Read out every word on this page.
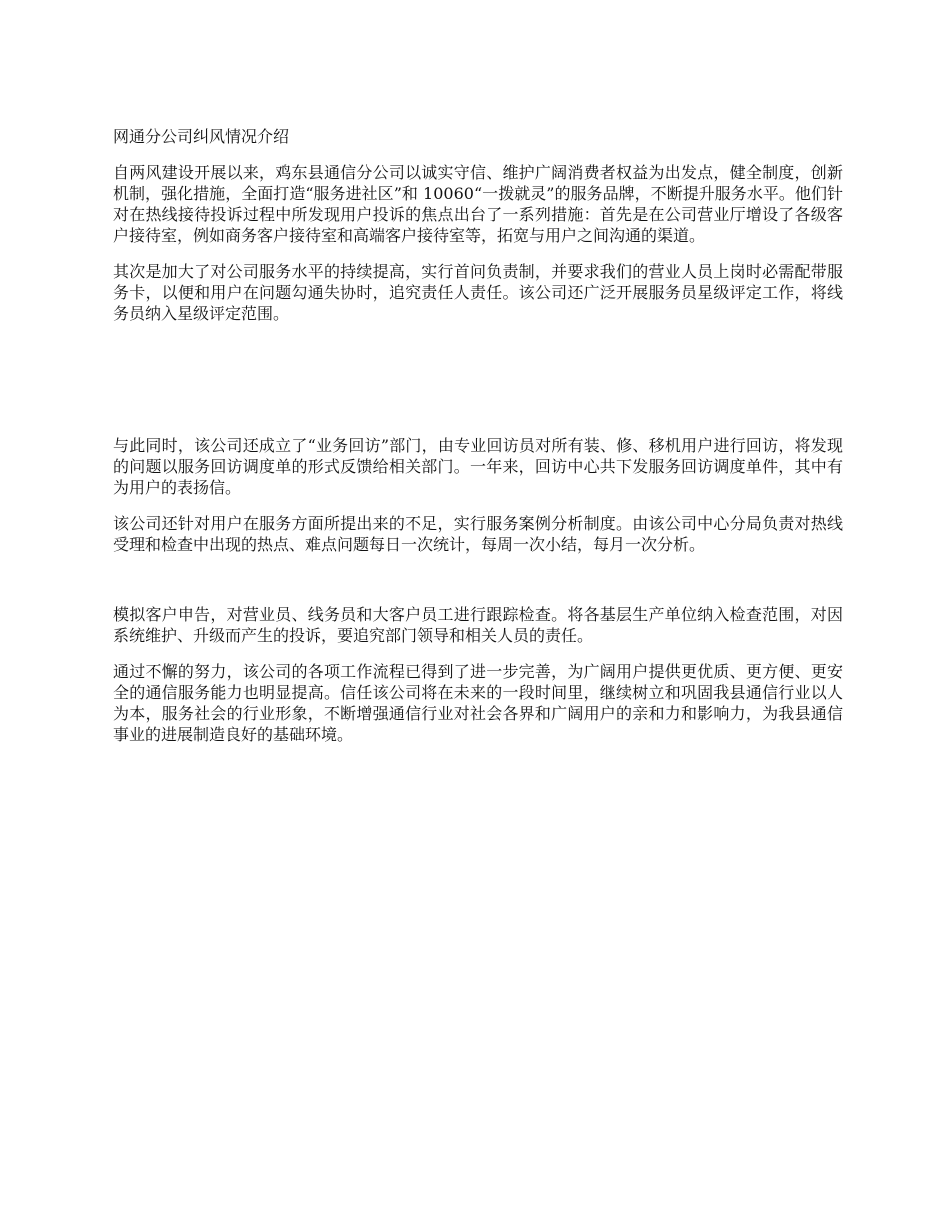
网通分公司纠风情况介绍
自两风建设开展以来，鸡东县通信分公司以诚实守信、维护广阔消费者权益为出发点，健全制度，创新机制，强化措施，全面打造“服务进社区”和 10060“一拨就灵”的服务品牌，不断提升服务水平。他们针对在热线接待投诉过程中所发现用户投诉的焦点出台了一系列措施：首先是在公司营业厅增设了各级客户接待室，例如商务客户接待室和高端客户接待室等，拓宽与用户之间沟通的渠道。
其次是加大了对公司服务水平的持续提高，实行首问负责制，并要求我们的营业人员上岗时必需配带服务卡，以便和用户在问题勾通失协时，追究责任人责任。该公司还广泛开展服务员星级评定工作，将线务员纳入星级评定范围。
与此同时，该公司还成立了“业务回访”部门，由专业回访员对所有装、修、移机用户进行回访，将发现的问题以服务回访调度单的形式反馈给相关部门。一年来，回访中心共下发服务回访调度单件，其中有为用户的表扬信。
该公司还针对用户在服务方面所提出来的不足，实行服务案例分析制度。由该公司中心分局负责对热线受理和检查中出现的热点、难点问题每日一次统计，每周一次小结，每月一次分析。
模拟客户申告，对营业员、线务员和大客户员工进行跟踪检查。将各基层生产单位纳入检查范围，对因系统维护、升级而产生的投诉，要追究部门领导和相关人员的责任。
通过不懈的努力，该公司的各项工作流程已得到了进一步完善，为广阔用户提供更优质、更方便、更安全的通信服务能力也明显提高。信任该公司将在未来的一段时间里，继续树立和巩固我县通信行业以人为本，服务社会的行业形象，不断增强通信行业对社会各界和广阔用户的亲和力和影响力，为我县通信事业的进展制造良好的基础环境。
